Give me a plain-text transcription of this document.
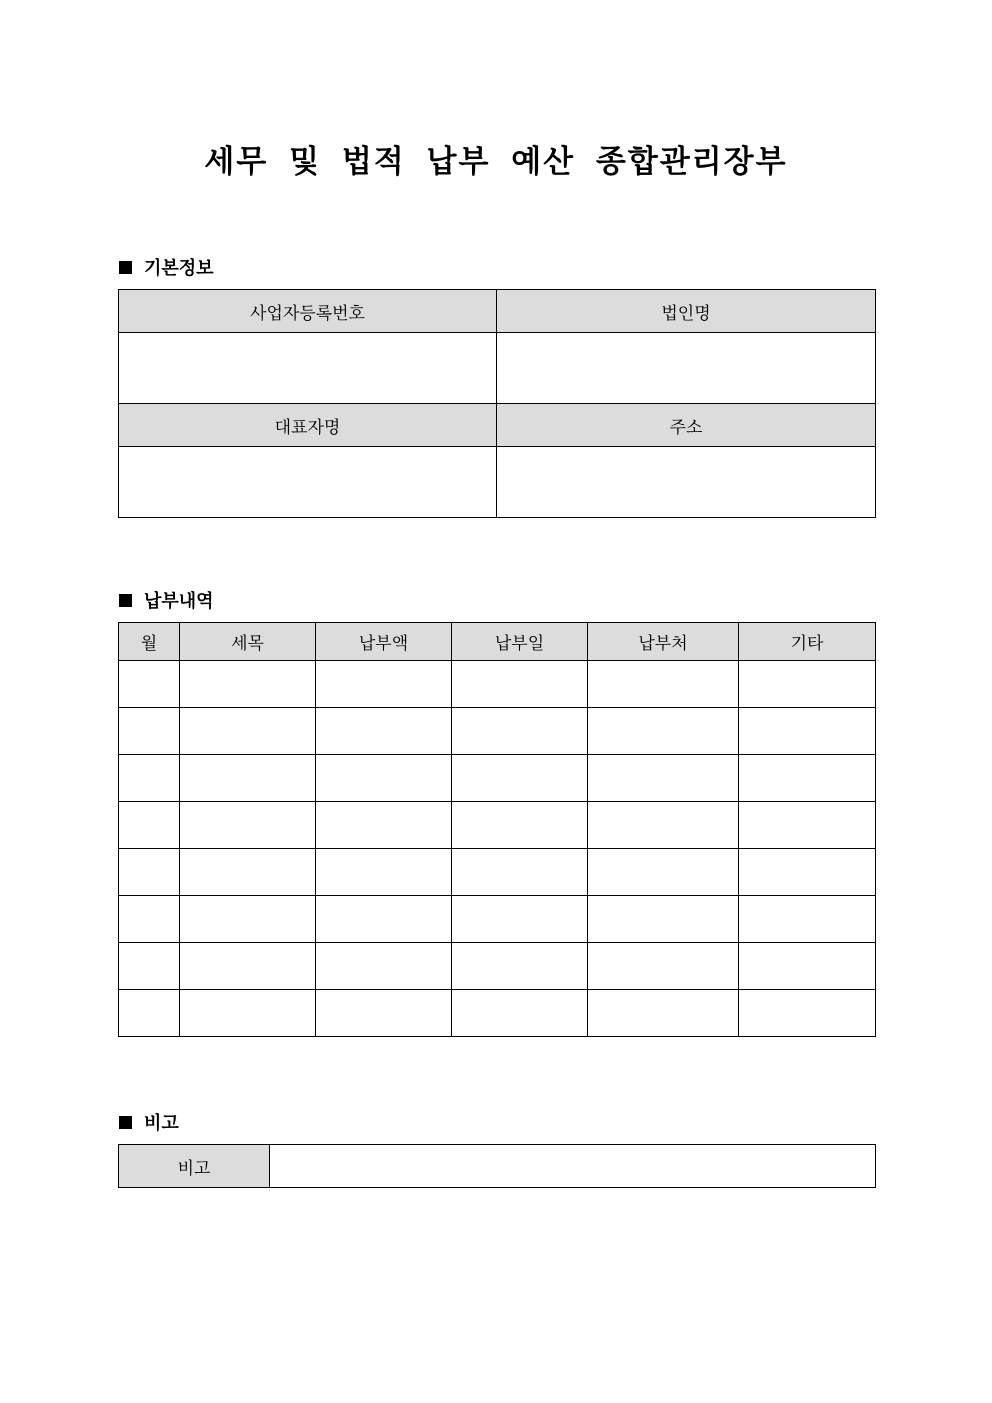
세무 및 법적 납부 예산 종합관리장부
기본정보
사업자등록번호	법인명

대표자명	주소

납부내역
월	세목	납부액	납부일	납부처	기타

비고
비고	
